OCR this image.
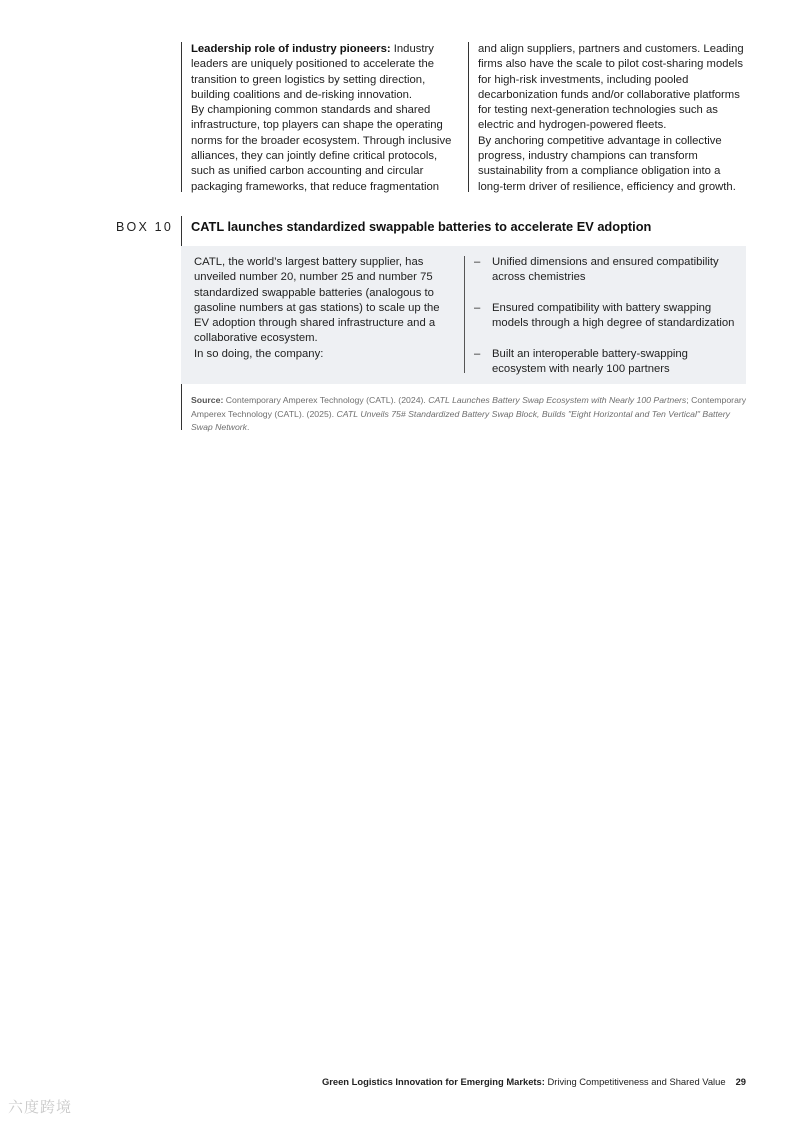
Leadership role of industry pioneers: Industry leaders are uniquely positioned to accelerate the transition to green logistics by setting direction, building coalitions and de-risking innovation.

By championing common standards and shared infrastructure, top players can shape the operating norms for the broader ecosystem. Through inclusive alliances, they can jointly define critical protocols, such as unified carbon accounting and circular packaging frameworks, that reduce fragmentation

and align suppliers, partners and customers. Leading firms also have the scale to pilot cost-sharing models for high-risk investments, including pooled decarbonization funds and/or collaborative platforms for testing next-generation technologies such as electric and hydrogen-powered fleets.

By anchoring competitive advantage in collective progress, industry champions can transform sustainability from a compliance obligation into a long-term driver of resilience, efficiency and growth.

BOX 10 CATL launches standardized swappable batteries to accelerate EV adoption

CATL, the world’s largest battery supplier, has unveiled number 20, number 25 and number 75 standardized swappable batteries (analogous to gasoline numbers at gas stations) to scale up the EV adoption through shared infrastructure and a collaborative ecosystem.

In so doing, the company:

– Unified dimensions and ensured compatibility across chemistries
– Ensured compatibility with battery swapping models through a high degree of standardization
– Built an interoperable battery-swapping ecosystem with nearly 100 partners

Source: Contemporary Amperex Technology (CATL). (2024). CATL Launches Battery Swap Ecosystem with Nearly 100 Partners; Contemporary Amperex Technology (CATL). (2025). CATL Unveils 75# Standardized Battery Swap Block, Builds "Eight Horizontal and Ten Vertical" Battery Swap Network.

Green Logistics Innovation for Emerging Markets: Driving Competitiveness and Shared Value 29
六度跨境
